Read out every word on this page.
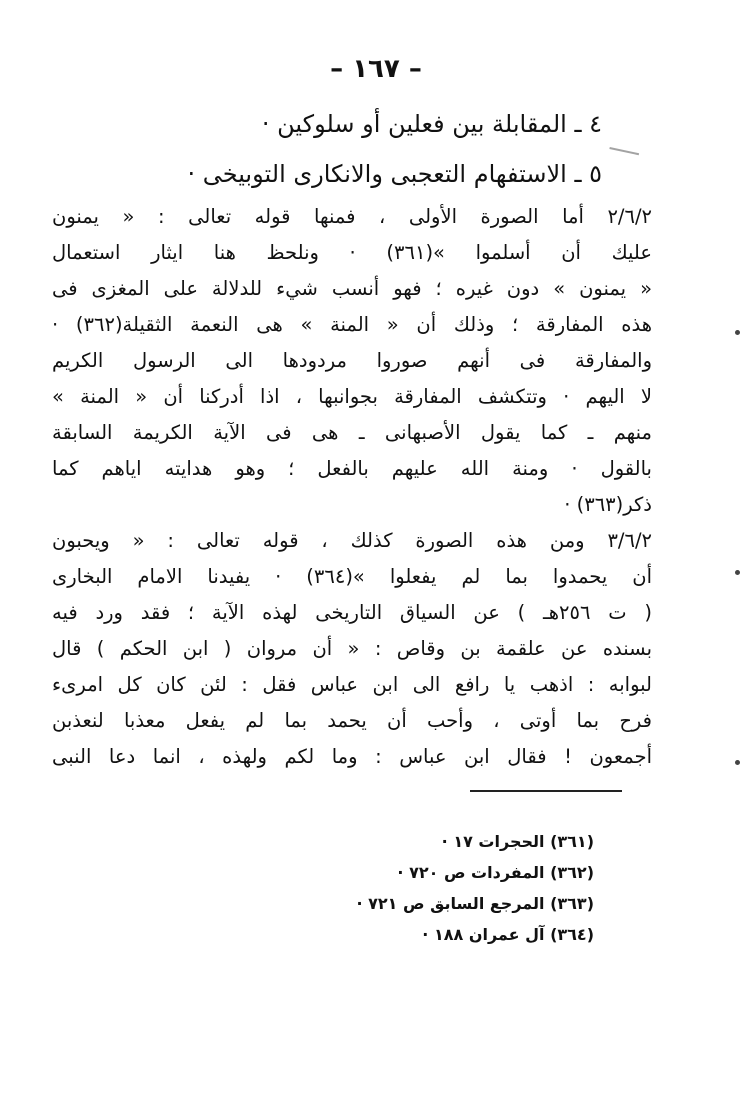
– ١٦٧ –
٤ ـ المقابلة بين فعلين أو سلوكين ·
٥ ـ الاستفهام التعجبى والانكارى التوبيخى ·
٢/٦/٢ أما الصورة الأولى ، فمنها قوله تعالى : « يمنون
عليك أن أسلموا »(٣٦١) · ونلحظ هنا ايثار استعمال
« يمنون » دون غيره ؛ فهو أنسب شيء للدلالة على المغزى فى
هذه المفارقة ؛ وذلك أن « المنة » هى النعمة الثقيلة(٣٦٢) ·
والمفارقة فى أنهم صوروا مردودها الى الرسول الكريم
لا اليهم · وتتكشف المفارقة بجوانبها ، اذا أدركنا أن « المنة »
منهم ـ كما يقول الأصبهانى ـ هى فى الآية الكريمة السابقة
بالقول · ومنة الله عليهم بالفعل ؛ وهو هدايته اياهم كما
ذكر(٣٦٣) ·
٣/٦/٢ ومن هذه الصورة كذلك ، قوله تعالى : « ويحبون
أن يحمدوا بما لم يفعلوا »(٣٦٤) · يفيدنا الامام البخارى
( ت ٢٥٦هـ ) عن السياق التاريخى لهذه الآية ؛ فقد ورد فيه
بسنده عن علقمة بن وقاص : « أن مروان ( ابن الحكم ) قال
لبوابه : اذهب يا رافع الى ابن عباس فقل : لئن كان كل امرىء
فرح بما أوتى ، وأحب أن يحمد بما لم يفعل معذبا لنعذبن
أجمعون ! فقال ابن عباس : وما لكم ولهذه ، انما دعا النبى
(٣٦١) الحجرات ١٧ ·
(٣٦٢) المفردات ص ٧٢٠ ·
(٣٦٣) المرجع السابق ص ٧٢١ ·
(٣٦٤) آل عمران ١٨٨ ·
